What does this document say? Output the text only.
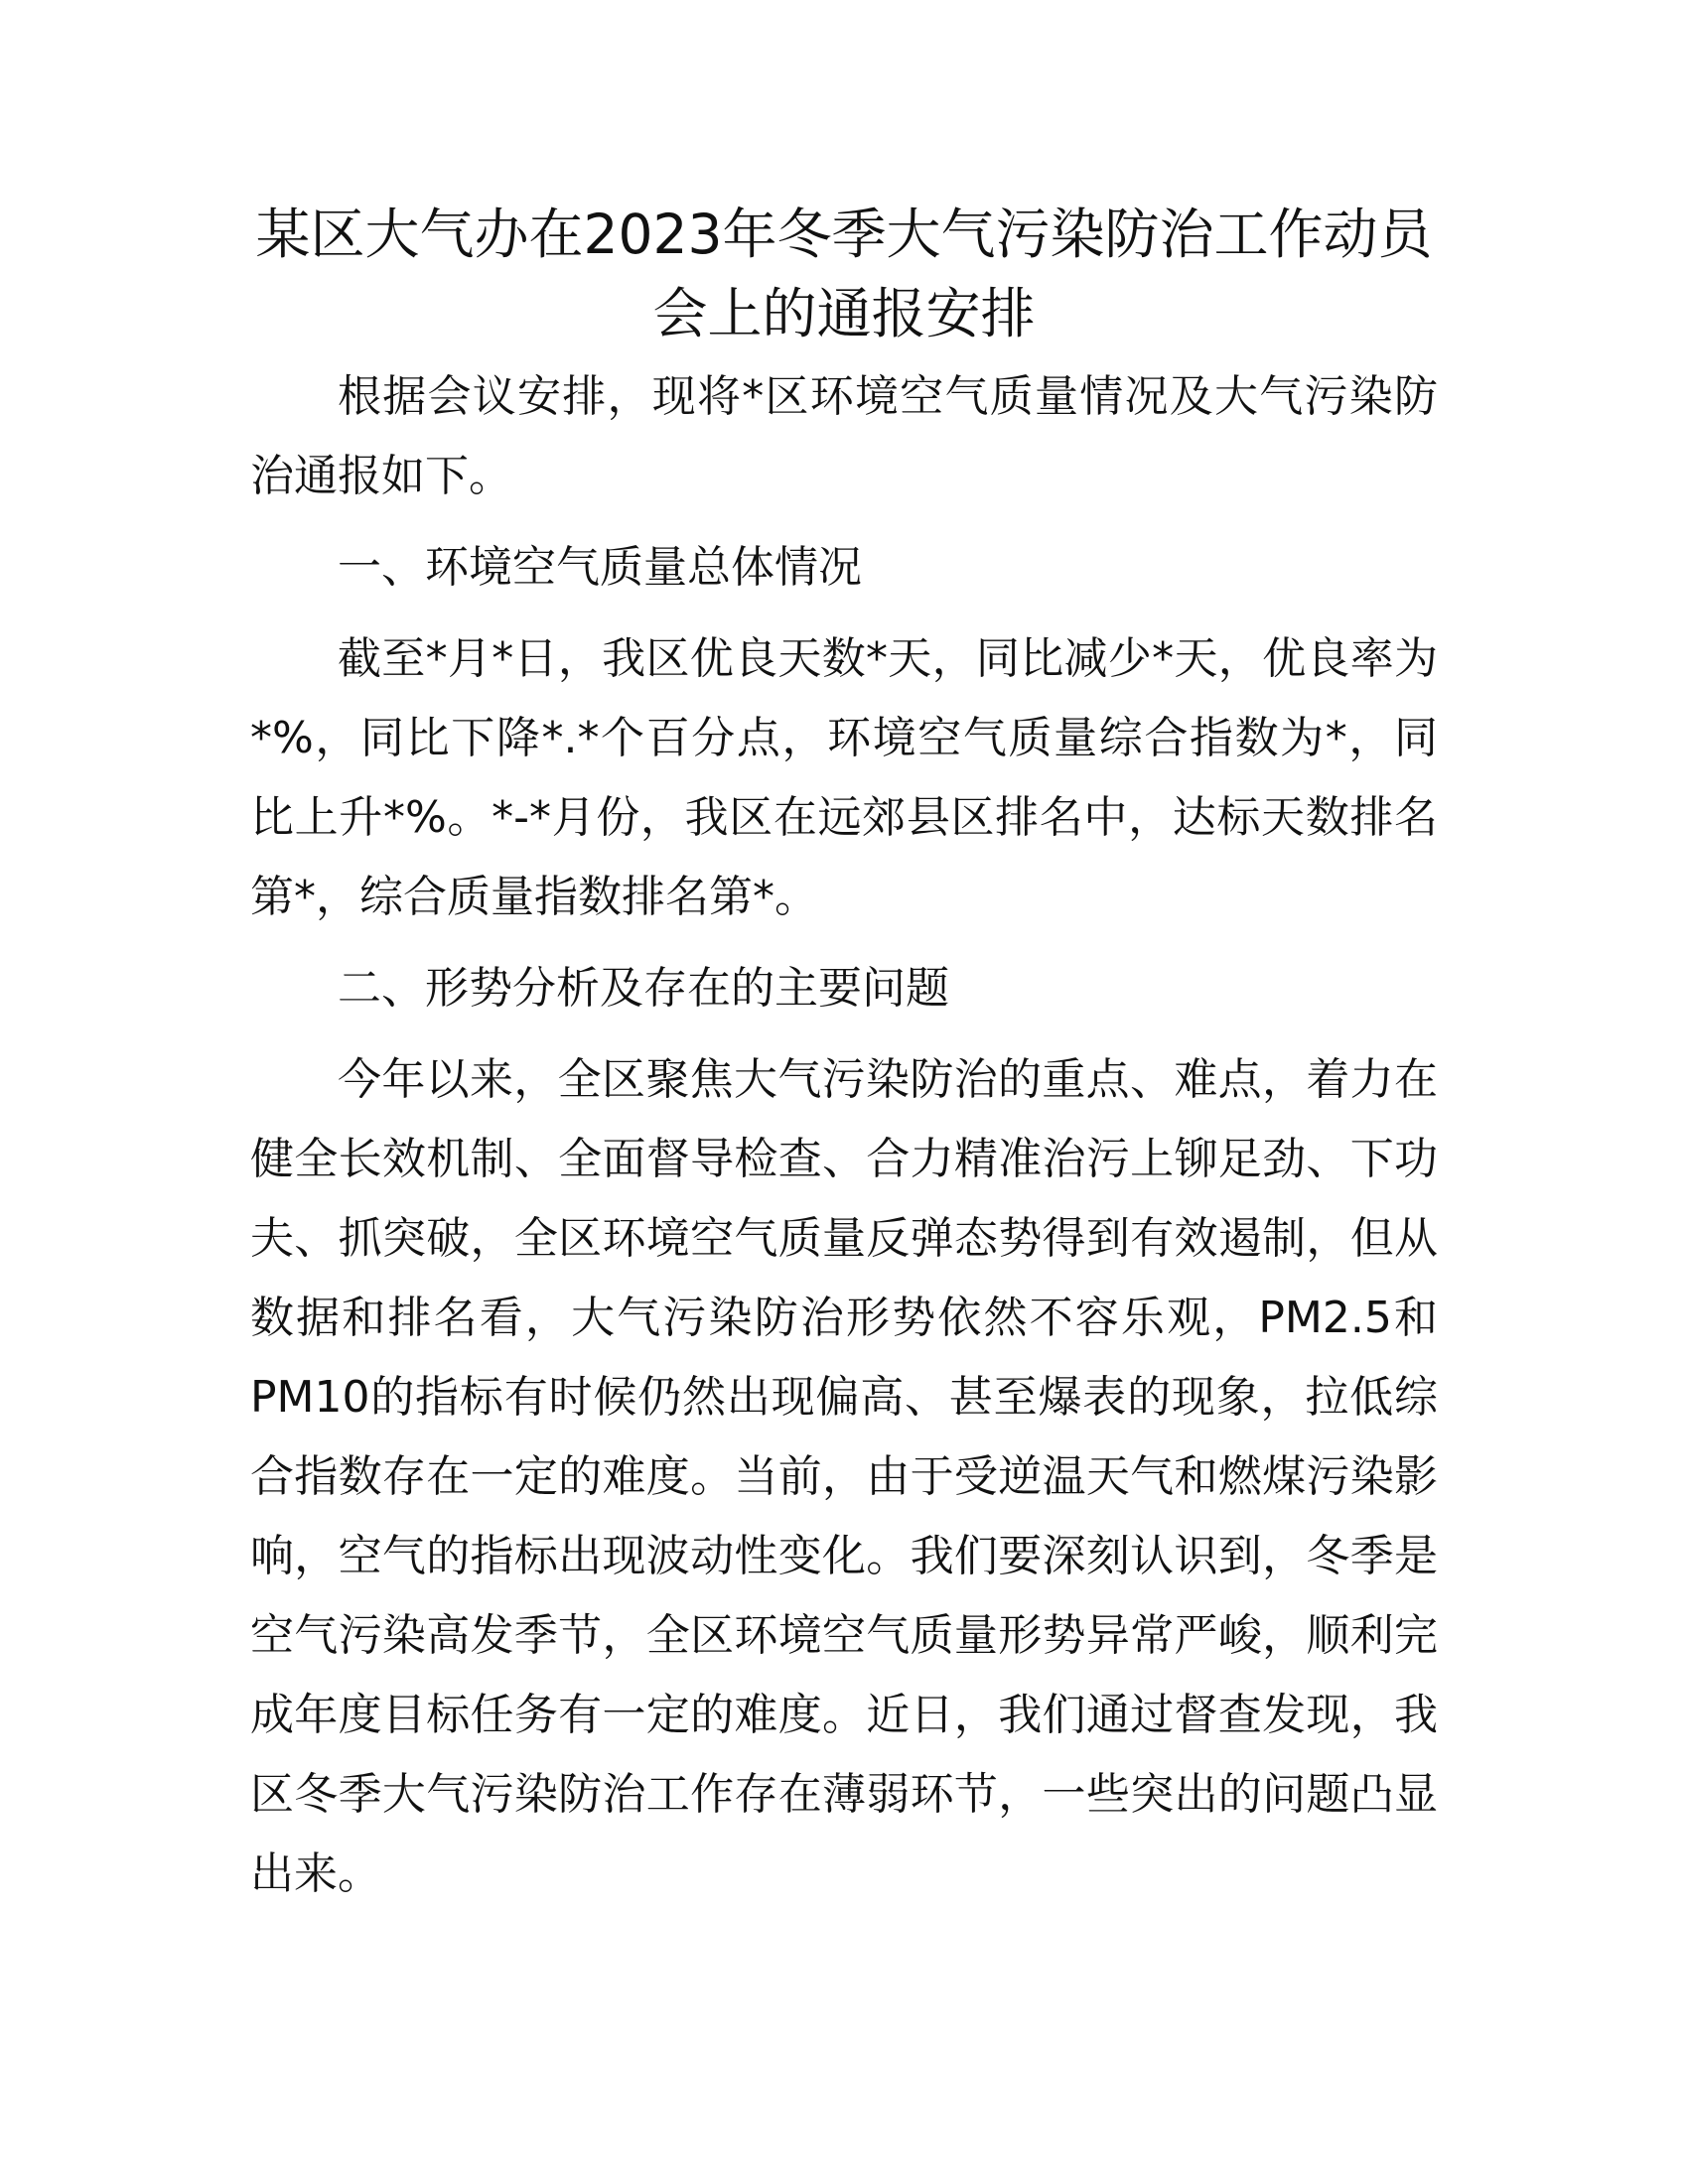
某区大气办在2023年冬季大气污染防治工作动员会上的通报安排

根据会议安排，现将*区环境空气质量情况及大气污染防治通报如下。

一、环境空气质量总体情况

截至*月*日，我区优良天数*天，同比减少*天，优良率为*%，同比下降*.*个百分点，环境空气质量综合指数为*，同比上升*%。*-*月份，我区在远郊县区排名中，达标天数排名第*，综合质量指数排名第*。

二、形势分析及存在的主要问题

今年以来，全区聚焦大气污染防治的重点、难点，着力在健全长效机制、全面督导检查、合力精准治污上铆足劲、下功夫、抓突破，全区环境空气质量反弹态势得到有效遏制，但从数据和排名看，大气污染防治形势依然不容乐观，PM2.5和PM10的指标有时候仍然出现偏高、甚至爆表的现象，拉低综合指数存在一定的难度。当前，由于受逆温天气和燃煤污染影响，空气的指标出现波动性变化。我们要深刻认识到，冬季是空气污染高发季节，全区环境空气质量形势异常严峻，顺利完成年度目标任务有一定的难度。近日，我们通过督查发现，我区冬季大气污染防治工作存在薄弱环节，一些突出的问题凸显出来。
